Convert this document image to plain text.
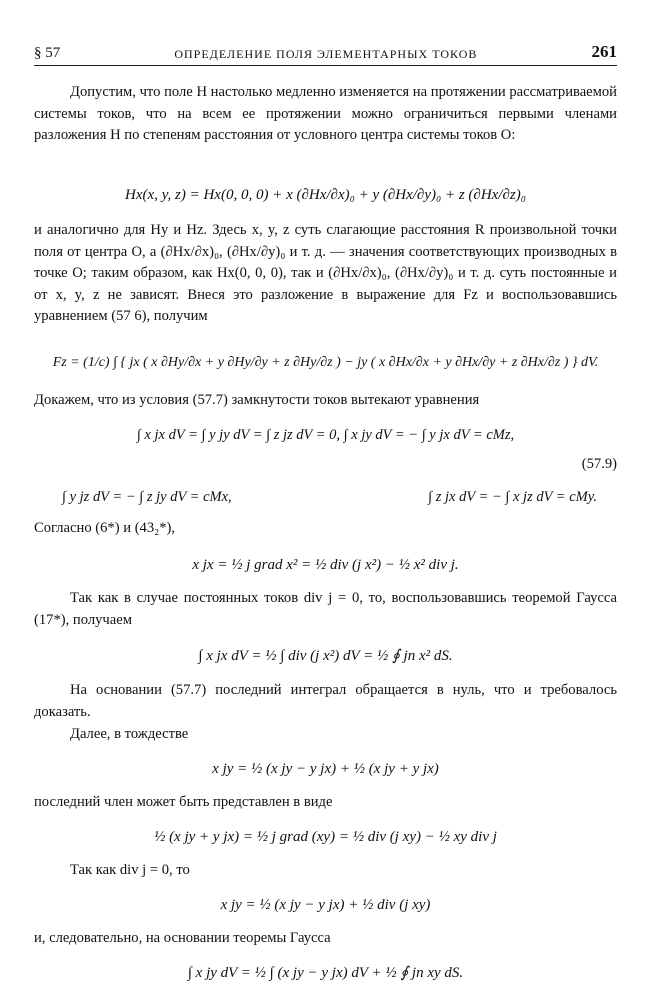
§ 57	ОПРЕДЕЛЕНИЕ ПОЛЯ ЭЛЕМЕНТАРНЫХ ТОКОВ	261

Допустим, что поле H настолько медленно изменяется на протяжении рассматриваемой системы токов, что на всем ее протяжении можно ограничиться первыми членами разложения H по степеням расстояния от условного центра системы токов O:

Hx(x, y, z) = Hx(0, 0, 0) + x (∂Hx/∂x)₀ + y (∂Hx/∂y)₀ + z (∂Hx/∂z)₀

и аналогично для Hy и Hz. Здесь x, y, z суть слагающие расстояния R произвольной точки поля от центра O, а (∂Hx/∂x)₀, (∂Hx/∂y)₀ и т. д. — значения соответствующих производных в точке O; таким образом, как Hx(0, 0, 0), так и (∂Hx/∂x)₀, (∂Hx/∂y)₀ и т. д. суть постоянные и от x, y, z не зависят. Внеся это разложение в выражение для Fz и воспользовавшись уравнением (57 6), получим

Fz = (1/c) ∫ { jx ( x ∂Hy/∂x + y ∂Hy/∂y + z ∂Hy/∂z ) − jy ( x ∂Hx/∂x + y ∂Hx/∂y + z ∂Hx/∂z ) } dV.

Докажем, что из условия (57.7) замкнутости токов вытекают уравнения

∫ x jx dV = ∫ y jy dV = ∫ z jz dV = 0, ∫ x jy dV = − ∫ y jx dV = cMz,

(57.9)

∫ y jz dV = − ∫ z jy dV = cMx,	∫ z jx dV = − ∫ x jz dV = cMy.

Согласно (6*) и (43₂*),

x jx = ½ j grad x² = ½ div (j x²) − ½ x² div j.

Так как в случае постоянных токов div j = 0, то, воспользовавшись теоремой Гаусса (17*), получаем

∫ x jx dV = ½ ∫ div (j x²) dV = ½ ∮ jn x² dS.

На основании (57.7) последний интеграл обращается в нуль, что и требовалось доказать.

Далее, в тождестве

x jy = ½ (x jy − y jx) + ½ (x jy + y jx)

последний член может быть представлен в виде

½ (x jy + y jx) = ½ j grad (xy) = ½ div (j xy) − ½ xy div j

Так как div j = 0, то

x jy = ½ (x jy − y jx) + ½ div (j xy)

и, следовательно, на основании теоремы Гаусса

∫ x jy dV = ½ ∫ (x jy − y jx) dV + ½ ∮ jn xy dS.
